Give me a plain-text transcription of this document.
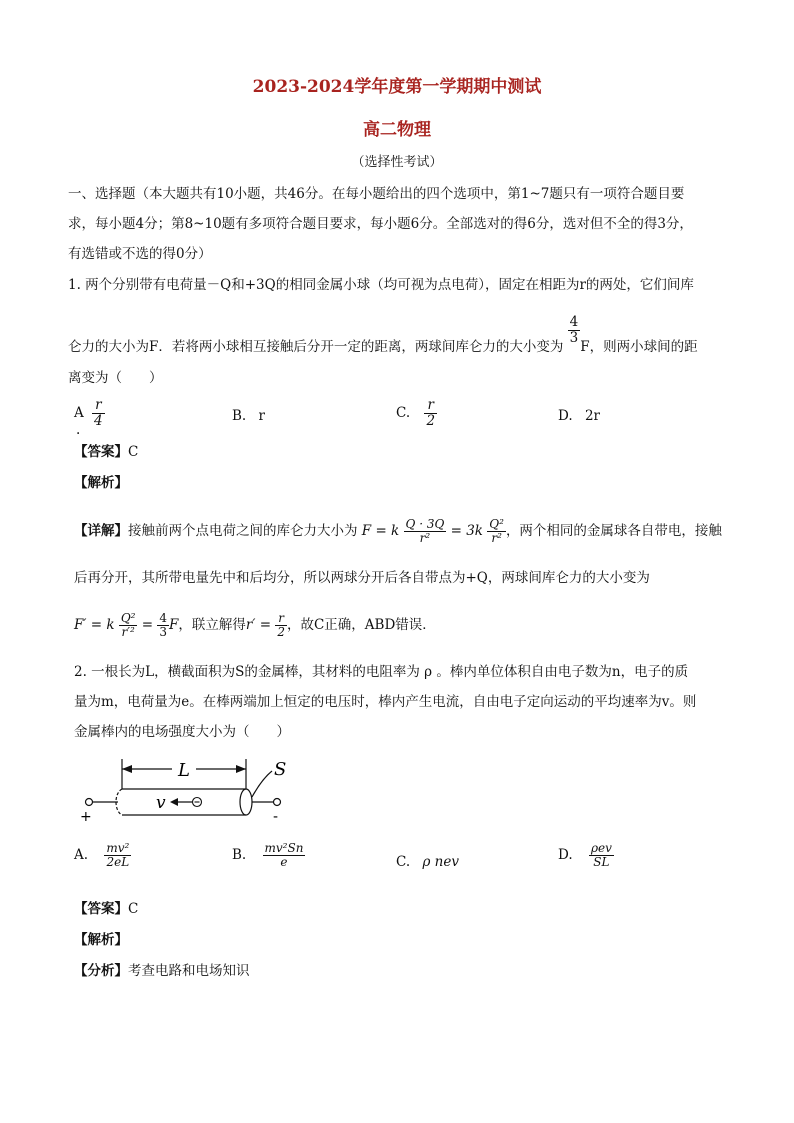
2023-2024学年度第一学期期中测试
高二物理
（选择性考试）
一、选择题（本大题共有10小题，共46分。在每小题给出的四个选项中，第1~7题只有一项符合题目要
求，每小题4分；第8~10题有多项符合题目要求，每小题6分。全部选对的得6分，选对但不全的得3分，
有选错或不选的得0分）
1. 两个分别带有电荷量－Q和+3Q的相同金属小球（均可视为点电荷），固定在相距为r的两处，它们间库
仑力的大小为F．若将两小球相互接触后分开一定的距离，两球间库仑力的大小变为
$\frac{4}{3}$
F，则两小球间的距
离变为（　　）
A $\frac{r}{4}$
.
B. r	C. $\frac{r}{2}$	D. 2r
【答案】C
【解析】
【详解】接触前两个点电荷之间的库仑力大小为 F = k $\frac{Q \cdot 3Q}{\text{r²}} = 3k \frac{\text{Q²}}{\text{r²}}$ ，两个相同的金属球各自带电，接触
后再分开，其所带电量先中和后均分，所以两球分开后各自带点为+Q，两球间库仑力的大小变为
F′ = k $\frac{\text{Q²}}{\text{r′²}} = \frac{4}{3}$ F，联立解得$r' = \frac{r}{2}$ ，故C正确，ABD错误．
2. 一根长为L，横截面积为S的金属棒，其材料的电阻率为 ρ 。棒内单位体积自由电子数为n，电子的质
量为m，电荷量为e。在棒两端加上恒定的电压时，棒内产生电流，自由电子定向运动的平均速率为v。则
金属棒内的电场强度大小为（　　）
L	S
+	-
v
A. $\frac{\text{mv²}}{2eL}$	B. $\frac{\text{mv²Sn}}{e}$	C. ρ nev	D. $\frac{\text{ρev}}{SL}$
【答案】C
【解析】
【分析】考查电路和电场知识
